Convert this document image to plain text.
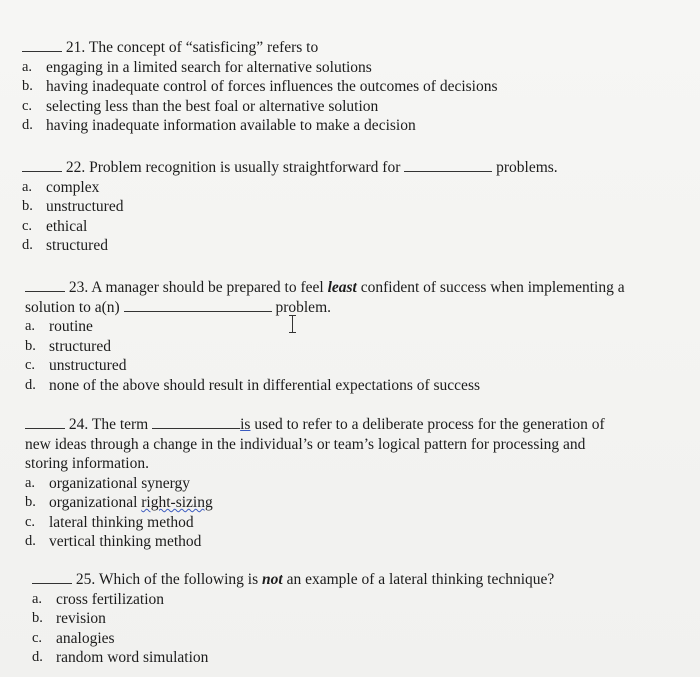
21. The concept of “satisficing” refers to
a. engaging in a limited search for alternative solutions
b. having inadequate control of forces influences the outcomes of decisions
c. selecting less than the best foal or alternative solution
d. having inadequate information available to make a decision
22. Problem recognition is usually straightforward for	problems.
a. complex
b. unstructured
c. ethical
d. structured
23. A manager should be prepared to feel least confident of success when implementing a
solution to a(n)	problem.
a. routine
b. structured
c. unstructured
d. none of the above should result in differential expectations of success
24. The term	is used to refer to a deliberate process for the generation of
new ideas through a change in the individual’s or team’s logical pattern for processing and
storing information.
a. organizational synergy
b. organizational
right-sizing
c. lateral thinking method
d. vertical thinking method
25. Which of the following is not an example of a lateral thinking technique?
a. cross fertilization
b. revision
c. analogies
d. random word simulation
